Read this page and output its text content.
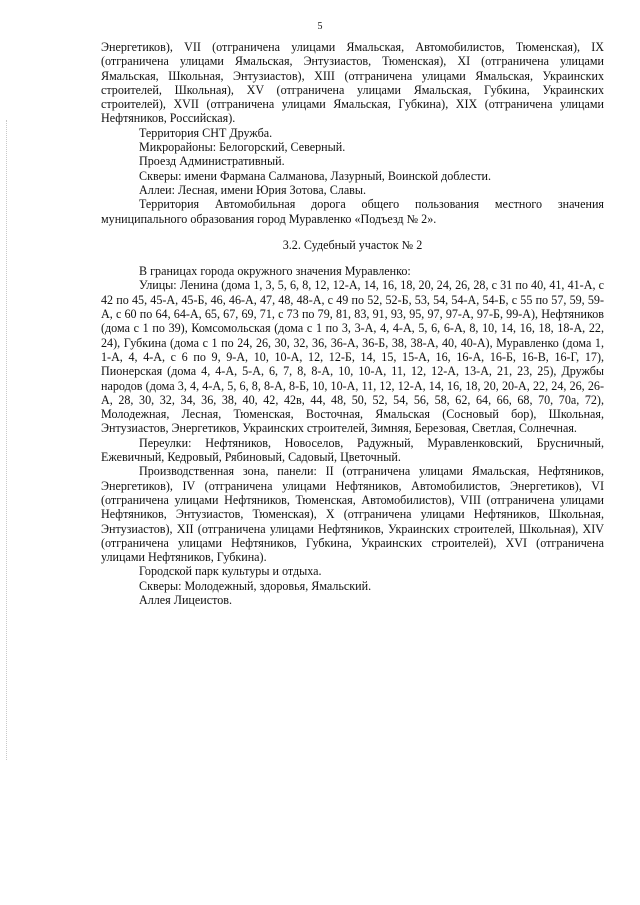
5

Энергетиков), VII (отграничена улицами Ямальская, Автомобилистов, Тюменская), IX (отграничена улицами Ямальская, Энтузиастов, Тюменская), XI (отграничена улицами Ямальская, Школьная, Энтузиастов), XIII (отграничена улицами Ямальская, Украинских строителей, Школьная), XV (отграничена улицами Ямальская, Губкина, Украинских строителей), XVII (отграничена улицами Ямальская, Губкина), XIX (отграничена улицами Нефтяников, Российская).

Территория СНТ Дружба.

Микрорайоны: Белогорский, Северный.

Проезд Административный.

Скверы: имени Фармана Салманова, Лазурный, Воинской доблести.

Аллеи: Лесная, имени Юрия Зотова, Славы.

Территория Автомобильная дорога общего пользования местного значения муниципального образования город Муравленко «Подъезд № 2».

3.2. Судебный участок № 2

В границах города окружного значения Муравленко:

Улицы: Ленина (дома 1, 3, 5, 6, 8, 12, 12-А, 14, 16, 18, 20, 24, 26, 28, с 31 по 40, 41, 41-А, с 42 по 45, 45-А, 45-Б, 46, 46-А, 47, 48, 48-А, с 49 по 52, 52-Б, 53, 54, 54-А, 54-Б, с 55 по 57, 59, 59-А, с 60 по 64, 64-А, 65, 67, 69, 71, с 73 по 79, 81, 83, 91, 93, 95, 97, 97-А, 97-Б, 99-А), Нефтяников (дома с 1 по 39), Комсомольская (дома с 1 по 3, 3-А, 4, 4-А, 5, 6, 6-А, 8, 10, 14, 16, 18, 18-А, 22, 24), Губкина (дома с 1 по 24, 26, 30, 32, 36, 36-А, 36-Б, 38, 38-А, 40, 40-А), Муравленко (дома 1, 1-А, 4, 4-А, с 6 по 9, 9-А, 10, 10-А, 12, 12-Б, 14, 15, 15-А, 16, 16-А, 16-Б, 16-В, 16-Г, 17), Пионерская (дома 4, 4-А, 5-А, 6, 7, 8, 8-А, 10, 10-А, 11, 12, 12-А, 13-А, 21, 23, 25), Дружбы народов (дома 3, 4, 4-А, 5, 6, 8, 8-А, 8-Б, 10, 10-А, 11, 12, 12-А, 14, 16, 18, 20, 20-А, 22, 24, 26, 26-А, 28, 30, 32, 34, 36, 38, 40, 42, 42в, 44, 48, 50, 52, 54, 56, 58, 62, 64, 66, 68, 70, 70а, 72), Молодежная, Лесная, Тюменская, Восточная, Ямальская (Сосновый бор), Школьная, Энтузиастов, Энергетиков, Украинских строителей, Зимняя, Березовая, Светлая, Солнечная.

Переулки: Нефтяников, Новоселов, Радужный, Муравленковский, Брусничный, Ежевичный, Кедровый, Рябиновый, Садовый, Цветочный.

Производственная зона, панели: II (отграничена улицами Ямальская, Нефтяников, Энергетиков), IV (отграничена улицами Нефтяников, Автомобилистов, Энергетиков), VI (отграничена улицами Нефтяников, Тюменская, Автомобилистов), VIII (отграничена улицами Нефтяников, Энтузиастов, Тюменская), X (отграничена улицами Нефтяников, Школьная, Энтузиастов), XII (отграничена улицами Нефтяников, Украинских строителей, Школьная), XIV (отграничена улицами Нефтяников, Губкина, Украинских строителей), XVI (отграничена улицами Нефтяников, Губкина).

Городской парк культуры и отдыха.

Скверы: Молодежный, здоровья, Ямальский.

Аллея Лицеистов.
